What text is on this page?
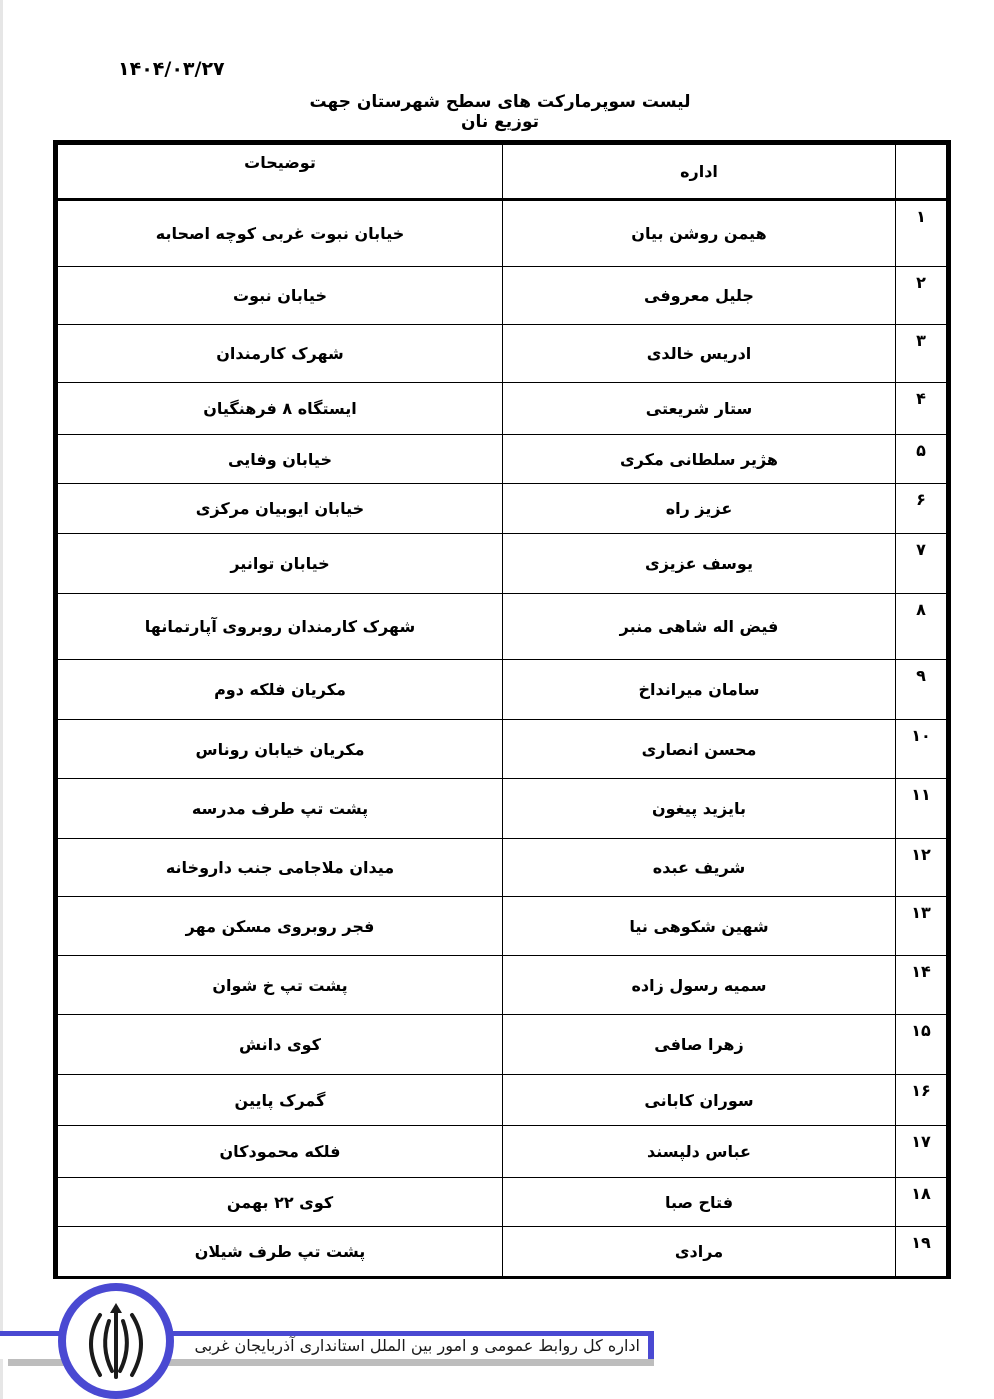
۱۴۰۴/۰۳/۲۷
لیست سوپرمارکت های سطح شهرستان جهت توزیع نان
	اداره	توضیحات
۱	هیمن روشن بیان	خیابان نبوت غربی کوچه اصحابه
۲	جلیل معروفی	خیابان نبوت
۳	ادریس خالدی	شهرک کارمندان
۴	ستار شریعتی	ایستگاه ۸ فرهنگیان
۵	هژیر سلطانی مکری	خیابان وفایی
۶	عزیز راه	خیابان ایوبیان مرکزی
۷	یوسف عزیزی	خیابان توانیر
۸	فیض اله شاهی منبر	شهرک کارمندان روبروی آپارتمانها
۹	سامان میرانداخ	مکریان فلکه دوم
۱۰	محسن انصاری	مکریان خیابان روناس
۱۱	بایزید پیغون	پشت تپ طرف مدرسه
۱۲	شریف عبده	میدان ملاجامی جنب داروخانه
۱۳	شهین شکوهی نیا	فجر روبروی مسکن مهر
۱۴	سمیه رسول زاده	پشت تپ خ شوان
۱۵	زهرا صافی	کوی دانش
۱۶	سوران کابانی	گمرک پایین
۱۷	عباس دلپسند	فلکه محمودکان
۱۸	فتاح صبا	کوی ۲۲ بهمن
۱۹	مرادی	پشت تپ طرف شیلان
اداره کل روابط عمومی و امور بین الملل استانداری آذربایجان غربی
